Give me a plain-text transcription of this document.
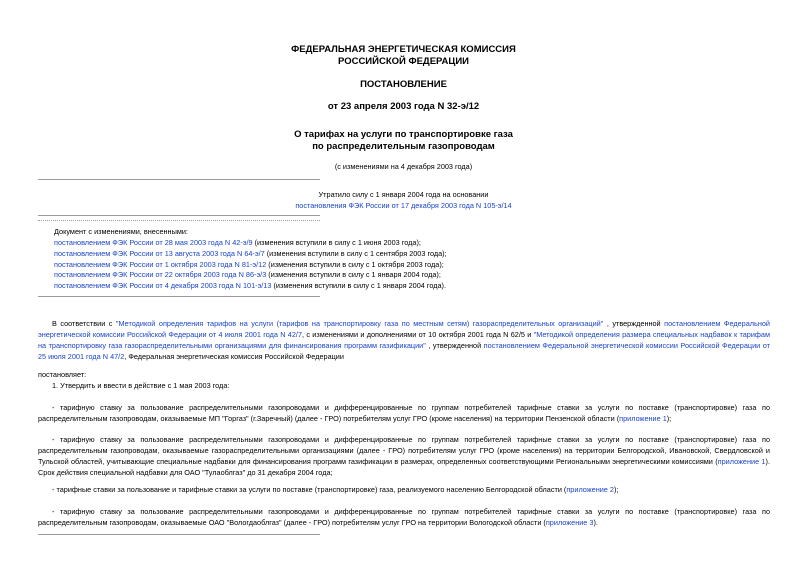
ФЕДЕРАЛЬНАЯ ЭНЕРГЕТИЧЕСКАЯ КОМИССИЯ
РОССИЙСКОЙ ФЕДЕРАЦИИ
ПОСТАНОВЛЕНИЕ
от 23 апреля 2003 года N 32-э/12
О тарифах на услуги по транспортировке газа
по распределительным газопроводам
(с изменениями на 4 декабря 2003 года)
Утратило силу с 1 января 2004 года на основании
постановления ФЭК России от 17 декабря 2003 года N 105-э/14
Документ с изменениями, внесенными:
постановлением ФЭК России от 28 мая 2003 года N 42-э/9 (изменения вступили в силу с 1 июня 2003 года);
постановлением ФЭК России от 13 августа 2003 года N 64-э/7 (изменения вступили в силу с 1 сентября 2003 года);
постановлением ФЭК России от 1 октября 2003 года N 81-э/12 (изменения вступили в силу с 1 октября 2003 года);
постановлением ФЭК России от 22 октября 2003 года N 86-э/3 (изменения вступили в силу с 1 января 2004 года);
постановлением ФЭК России от 4 декабря 2003 года N 101-э/13 (изменения вступили в силу с 1 января 2004 года).
В соответствии с "Методикой определения тарифов на услуги (тарифов на транспортировку газа по местным сетям) газораспределительных организаций" , утвержденной постановлением Федеральной энергетической комиссии Российской Федерации от 4 июля 2001 года N 42/7, с изменениями и дополнениями от 10 октября 2001 года N 62/5 и "Методикой определения размера специальных надбавок к тарифам на транспортировку газа газораспределительными организациями для финансирования программ газификации" , утвержденной постановлением Федеральной энергетической комиссии Российской Федерации от 25 июля 2001 года N 47/2, Федеральная энергетическая комиссия Российской Федерации
постановляет:
1. Утвердить и ввести в действие с 1 мая 2003 года:
- тарифную ставку за пользование распределительными газопроводами и дифференцированные по группам потребителей тарифные ставки за услуги по поставке (транспортировке) газа по распределительным газопроводам, оказываемые МП "Горгаз" (г.Заречный) (далее - ГРО) потребителям услуг ГРО (кроме населения) на территории Пензенской области (приложение 1);
- тарифную ставку за пользование распределительными газопроводами и дифференцированные по группам потребителей тарифные ставки за услуги по поставке (транспортировке) газа по распределительным газопроводам, оказываемые газораспределительными организациями (далее - ГРО) потребителям услуг ГРО (кроме населения) на территории Белгородской, Ивановской, Свердловской и Тульской областей, учитывающие специальные надбавки для финансирования программ газификации в размерах, определенных соответствующими Региональными энергетическими комиссиями (приложение 1). Срок действия специальной надбавки для ОАО "Тулаоблгаз" до 31 декабря 2004 года;
- тарифные ставки за пользование и тарифные ставки за услуги по поставке (транспортировке) газа, реализуемого населению Белгородской области (приложение 2);
- тарифную ставку за пользование распределительными газопроводами и дифференцированные по группам потребителей тарифные ставки за услуги по поставке (транспортировке) газа по распределительным газопроводам, оказываемые ОАО "Вологдаоблгаз" (далее - ГРО) потребителям услуг ГРО на территории Вологодской области (приложение 3).
